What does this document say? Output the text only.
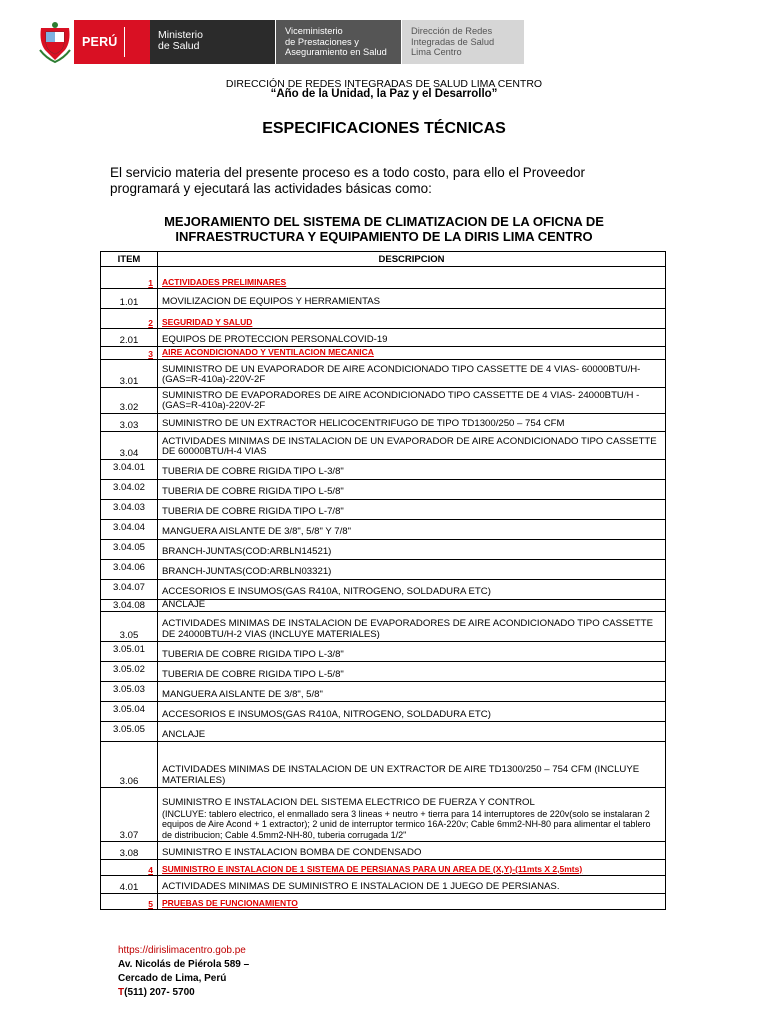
PERÚ	Ministerio
de Salud
Viceministerio
de Prestaciones y
Aseguramiento en Salud
Dirección de Redes
Integradas de Salud
Lima Centro
DIRECCIÓN DE REDES INTEGRADAS DE SALUD LIMA CENTRO
“Año de la Unidad, la Paz y el Desarrollo”
ESPECIFICACIONES TÉCNICAS
El servicio materia del presente proceso es a todo costo, para ello el Proveedor programará y ejecutará las actividades básicas como:
MEJORAMIENTO DEL SISTEMA DE CLIMATIZACION DE LA OFICNA DE
INFRAESTRUCTURA Y EQUIPAMIENTO DE LA DIRIS LIMA CENTRO
ITEM	DESCRIPCION
1	ACTIVIDADES PRELIMINARES

1.01	MOVILIZACION DE EQUIPOS Y HERRAMIENTAS

2	SEGURIDAD Y SALUD

2.01	EQUIPOS DE PROTECCION PERSONALCOVID-19

3	AIRE ACONDICIONADO Y VENTILACION MECANICA

3.01	SUMINISTRO DE UN EVAPORADOR DE AIRE ACONDICIONADO TIPO CASSETTE DE 4 VIAS- 60000BTU/H-(GAS=R-410a)-220V-2F

3.02	SUMINISTRO DE EVAPORADORES DE AIRE ACONDICIONADO TIPO CASSETTE DE 4 VIAS- 24000BTU/H -(GAS=R-410a)-220V-2F

3.03	SUMINISTRO DE UN EXTRACTOR HELICOCENTRIFUGO DE TIPO TD1300/250 – 754 CFM

3.04	ACTIVIDADES MINIMAS DE INSTALACION DE UN EVAPORADOR DE AIRE ACONDICIONADO TIPO CASSETTE DE 60000BTU/H-4 VIAS

3.04.01	TUBERIA DE COBRE RIGIDA TIPO L-3/8"

3.04.02	TUBERIA DE COBRE RIGIDA TIPO L-5/8"

3.04.03	TUBERIA DE COBRE RIGIDA TIPO L-7/8"

3.04.04	MANGUERA AISLANTE DE 3/8", 5/8" Y 7/8"

3.04.05	BRANCH-JUNTAS(COD:ARBLN14521)

3.04.06	BRANCH-JUNTAS(COD:ARBLN03321)

3.04.07	ACCESORIOS E INSUMOS(GAS R410A, NITROGENO, SOLDADURA ETC)

3.04.08	ANCLAJE

3.05	ACTIVIDADES MINIMAS DE INSTALACION DE EVAPORADORES DE AIRE ACONDICIONADO TIPO CASSETTE DE 24000BTU/H-2 VIAS (INCLUYE MATERIALES)

3.05.01	TUBERIA DE COBRE RIGIDA TIPO L-3/8"

3.05.02	TUBERIA DE COBRE RIGIDA TIPO L-5/8"

3.05.03	MANGUERA AISLANTE DE 3/8", 5/8"

3.05.04	ACCESORIOS E INSUMOS(GAS R410A, NITROGENO, SOLDADURA ETC)

3.05.05	ANCLAJE

3.06	ACTIVIDADES MINIMAS DE INSTALACION DE UN EXTRACTOR DE AIRE TD1300/250 – 754 CFM (INCLUYE MATERIALES)

3.07	SUMINISTRO E INSTALACION DEL SISTEMA ELECTRICO DE FUERZA Y CONTROL
(INCLUYE: tablero electrico, el enmallado sera 3 lineas + neutro + tierra para 14 interruptores de 220v(solo se instalaran 2 equipos de Aire Acond + 1 extractor); 2 unid de interruptor termico 16A-220v; Cable 6mm2-NH-80 para alimentar el tablero de distribucion; Cable 4.5mm2-NH-80, tuberia corrugada 1/2"

3.08	SUMINISTRO E INSTALACION BOMBA DE CONDENSADO

4	SUMINISTRO E INSTALACION DE 1 SISTEMA DE PERSIANAS PARA UN AREA DE (X,Y)-(11mts X 2,5mts)

4.01	ACTIVIDADES MINIMAS DE SUMINISTRO E INSTALACION DE 1 JUEGO DE PERSIANAS.

5	PRUEBAS DE FUNCIONAMIENTO
https://dirislimacentro.gob.pe
Av. Nicolás de Piérola 589 –
Cercado de Lima, Perú
T(511) 207- 5700
